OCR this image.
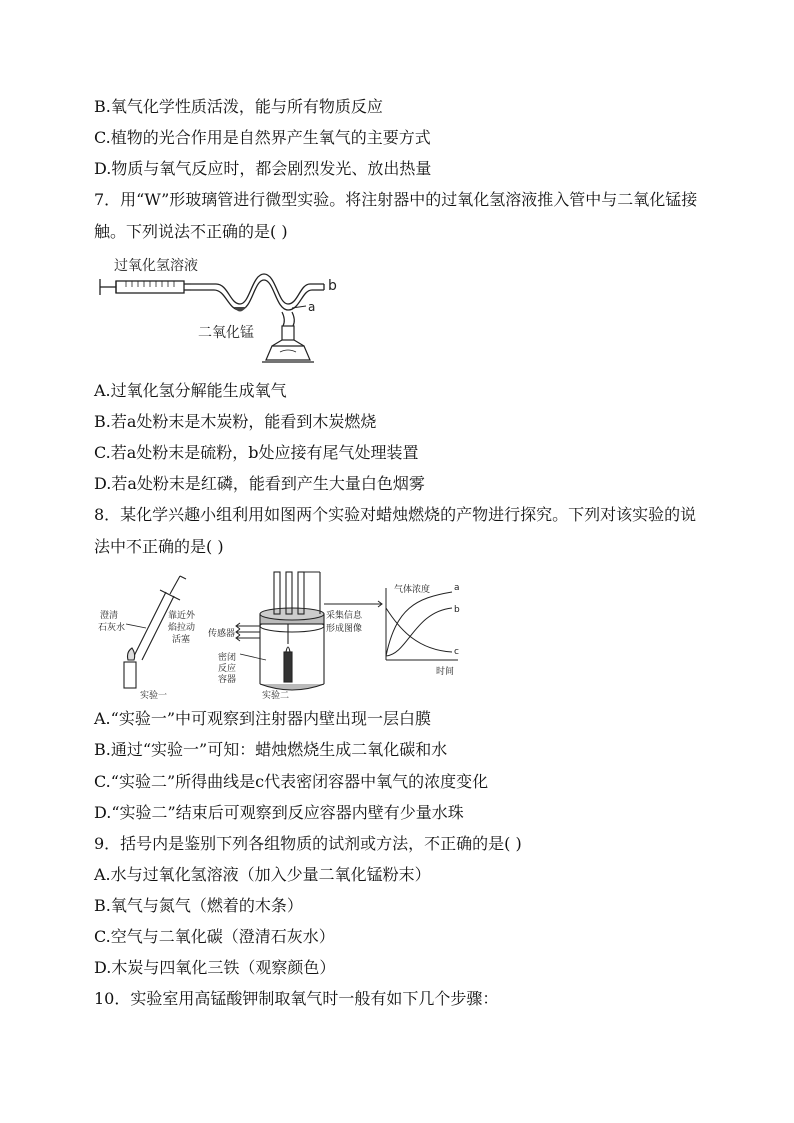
B.氧气化学性质活泼，能与所有物质反应
C.植物的光合作用是自然界产生氧气的主要方式
D.物质与氧气反应时，都会剧烈发光、放出热量
7．用“W”形玻璃管进行微型实验。将注射器中的过氧化氢溶液推入管中与二氧化锰接
触。下列说法不正确的是( )
过氧化氢溶液
b
a
二氧化锰
A.过氧化氢分解能生成氧气
B.若a处粉末是木炭粉，能看到木炭燃烧
C.若a处粉末是硫粉，b处应接有尾气处理装置
D.若a处粉末是红磷，能看到产生大量白色烟雾
8．某化学兴趣小组利用如图两个实验对蜡烛燃烧的产物进行探究。下列对该实验的说
法中不正确的是( )
澄清
石灰水
靠近外
焰拉动
活塞
实验一
传感器
密闭
反应
容器
实验二
采集信息
形成图像
气体浓度	a
b
c
时间
A.“实验一”中可观察到注射器内壁出现一层白膜
B.通过“实验一”可知：蜡烛燃烧生成二氧化碳和水
C.“实验二”所得曲线是c代表密闭容器中氧气的浓度变化
D.“实验二”结束后可观察到反应容器内壁有少量水珠
9．括号内是鉴别下列各组物质的试剂或方法，不正确的是( )
A.水与过氧化氢溶液（加入少量二氧化锰粉末）
B.氧气与氮气（燃着的木条）
C.空气与二氧化碳（澄清石灰水）
D.木炭与四氧化三铁（观察颜色）
10．实验室用高锰酸钾制取氧气时一般有如下几个步骤：
